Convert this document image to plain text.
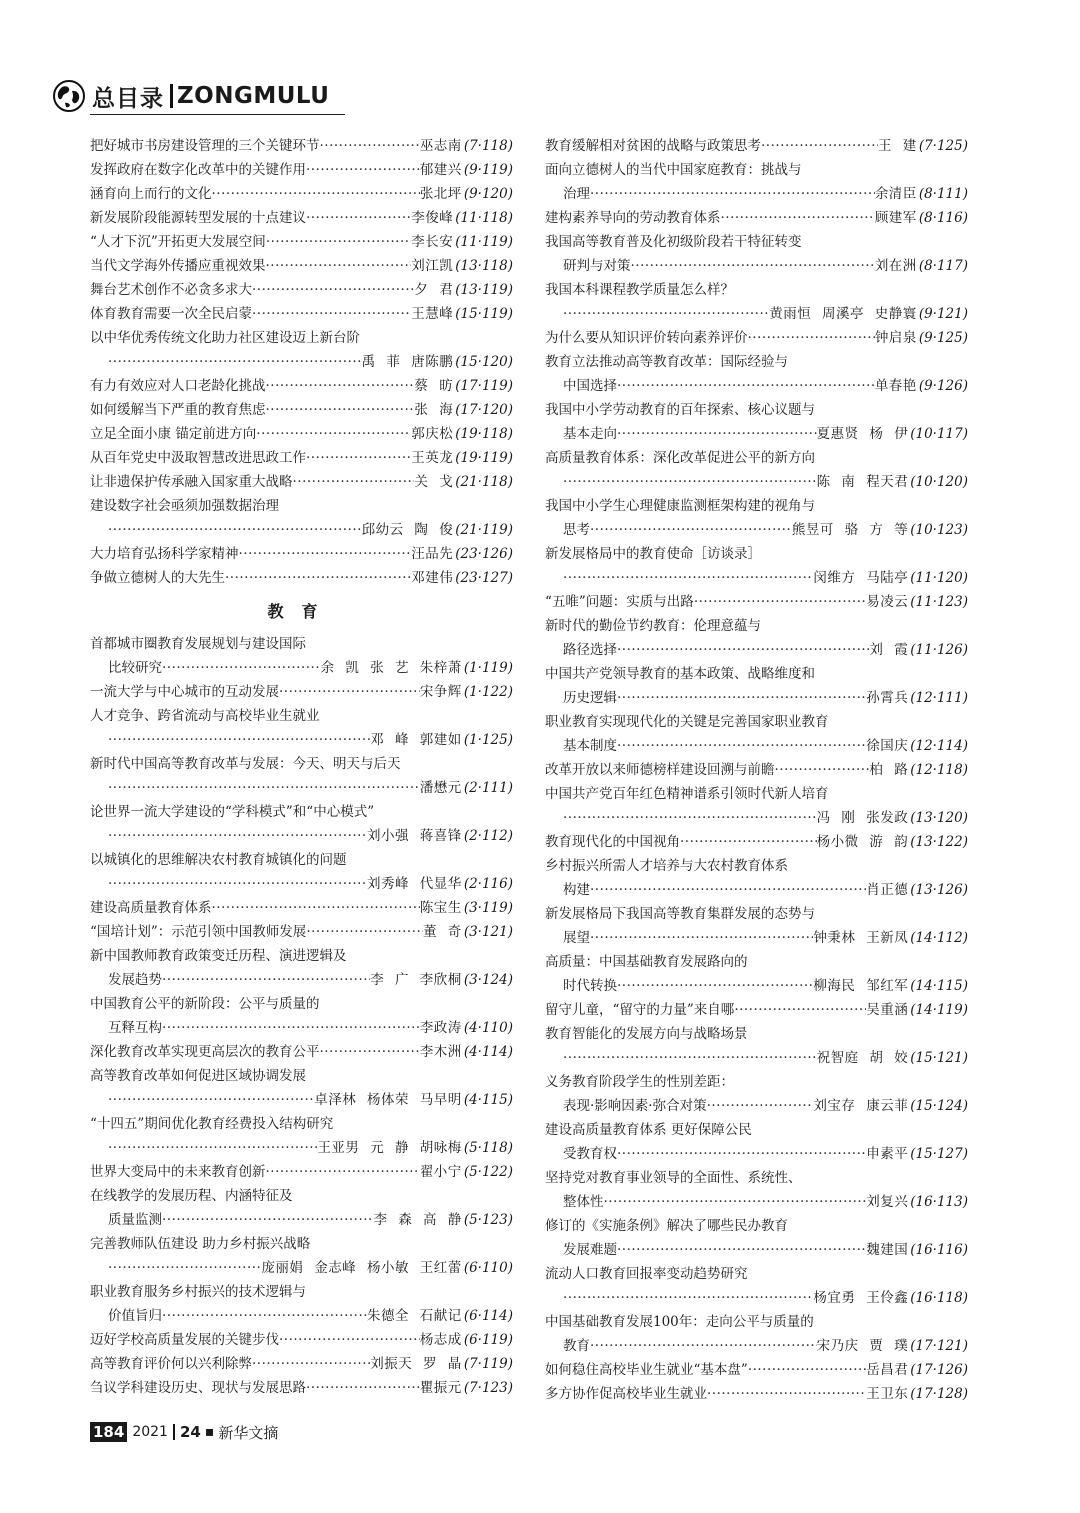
总目录 ZONGMULU
把好城市书房建设管理的三个关键环节 ·····	巫志南 (7·118)
发挥政府在数字化改革中的关键作用 ·····	郁建兴 (9·119)
涵育向上而行的文化 ·····	张北坪 (9·120)
新发展阶段能源转型发展的十点建议 ·····	李俊峰 (11·118)
“人才下沉”开拓更大发展空间 ·····	李长安 (11·119)
当代文学海外传播应重视效果 ·····	刘江凯 (13·118)
舞台艺术创作不必贪多求大 ·····	夕 君 (13·119)
体育教育需要一次全民启蒙 ·····	王慧峰 (15·119)
以中华优秀传统文化助力社区建设迈上新台阶
·····
禹 菲 唐陈鹏 (15·120)
有力有效应对人口老龄化挑战 ·····	蔡 昉 (17·119)
如何缓解当下严重的教育焦虑 ·····	张 海 (17·120)
立足全面小康 锚定前进方向 ·····	郭庆松 (19·118)
从百年党史中汲取智慧改进思政工作 ·····	王英龙 (19·119)
让非遗保护传承融入国家重大战略 ·····	关 戈 (21·118)
建设数字社会亟须加强数据治理
·····
邱幼云 陶 俊 (21·119)
大力培育弘扬科学家精神 ·····	汪品先 (23·126)
争做立德树人的大先生 ·····	邓建伟 (23·127)
教育
首都城市圈教育发展规划与建设国际
比较研究 ·····	余 凯 张 艺 朱梓萧 (1·119)
一流大学与中心城市的互动发展 ·····	宋争辉 (1·122)
人才竞争、跨省流动与高校毕业生就业
·····
邓 峰 郭建如 (1·125)
新时代中国高等教育改革与发展：今天、明天与后天
·····
潘懋元 (2·111)
论世界一流大学建设的“学科模式”和“中心模式”
·····
刘小强 蒋喜锋 (2·112)
以城镇化的思维解决农村教育城镇化的问题
·····
刘秀峰 代显华 (2·116)
建设高质量教育体系 ·····	陈宝生 (3·119)
“国培计划”：示范引领中国教师发展 ·····	董 奇 (3·121)
新中国教师教育政策变迁历程、演进逻辑及
发展趋势 ·····	李 广 李欣桐 (3·124)
中国教育公平的新阶段：公平与质量的
互释互构 ·····	李政涛 (4·110)
深化教育改革实现更高层次的教育公平 ·····	李木洲 (4·114)
高等教育改革如何促进区域协调发展
·····
卓泽林 杨体荣 马早明 (4·115)
“十四五”期间优化教育经费投入结构研究
·····
王亚男 元 静 胡咏梅 (5·118)
世界大变局中的未来教育创新 ·····	翟小宁 (5·122)
在线教学的发展历程、内涵特征及
质量监测 ·····	李 森 高 静 (5·123)
完善教师队伍建设 助力乡村振兴战略
·····
庞丽娟 金志峰 杨小敏 王红蕾 (6·110)
职业教育服务乡村振兴的技术逻辑与
价值旨归 ·····	朱德全 石献记 (6·114)
迈好学校高质量发展的关键步伐 ·····	杨志成 (6·119)
高等教育评价何以兴利除弊 ·····	刘振天 罗 晶 (7·119)
刍议学科建设历史、现状与发展思路 ·····	瞿振元 (7·123)
教育缓解相对贫困的战略与政策思考 ·····	王 建 (7·125)
面向立德树人的当代中国家庭教育：挑战与
治理 ·····	余清臣 (8·111)
建构素养导向的劳动教育体系 ·····	顾建军 (8·116)
我国高等教育普及化初级阶段若干特征转变
研判与对策 ·····	刘在洲 (8·117)
我国本科课程教学质量怎么样？
·····
黄雨恒 周溪亭 史静寰 (9·121)
为什么要从知识评价转向素养评价 ·····	钟启泉 (9·125)
教育立法推动高等教育改革：国际经验与
中国选择 ·····	单春艳 (9·126)
我国中小学劳动教育的百年探索、核心议题与
基本走向 ·····	夏惠贤 杨 伊 (10·117)
高质量教育体系：深化改革促进公平的新方向
·····
陈 南 程天君 (10·120)
我国中小学生心理健康监测框架构建的视角与
思考 ·····	熊昱可 骆 方 等 (10·123)
新发展格局中的教育使命［访谈录］
·····
闵维方 马陆亭 (11·120)
“五唯”问题：实质与出路 ·····	易凌云 (11·123)
新时代的勤俭节约教育：伦理意蕴与
路径选择 ·····	刘 霞 (11·126)
中国共产党领导教育的基本政策、战略维度和
历史逻辑 ·····	孙霄兵 (12·111)
职业教育实现现代化的关键是完善国家职业教育
基本制度 ·····	徐国庆 (12·114)
改革开放以来师德榜样建设回溯与前瞻 ·····	柏 路 (12·118)
中国共产党百年红色精神谱系引领时代新人培育
·····
冯 刚 张发政 (13·120)
教育现代化的中国视角 ·····	杨小微 游 韵 (13·122)
乡村振兴所需人才培养与大农村教育体系
构建 ·····	肖正德 (13·126)
新发展格局下我国高等教育集群发展的态势与
展望 ·····	钟秉林 王新凤 (14·112)
高质量：中国基础教育发展路向的
时代转换 ·····	柳海民 邹红军 (14·115)
留守儿童，“留守的力量”来自哪 ·····	吴重涵 (14·119)
教育智能化的发展方向与战略场景
·····
祝智庭 胡 姣 (15·121)
义务教育阶段学生的性别差距：
表现·影响因素·弥合对策 ·····	刘宝存 康云菲 (15·124)
建设高质量教育体系 更好保障公民
受教育权 ·····	申素平 (15·127)
坚持党对教育事业领导的全面性、系统性、
整体性 ·····	刘复兴 (16·113)
修订的《实施条例》解决了哪些民办教育
发展难题 ·····	魏建国 (16·116)
流动人口教育回报率变动趋势研究
·····
杨宜勇 王伶鑫 (16·118)
中国基础教育发展100年：走向公平与质量的
教育 ·····	宋乃庆 贾 璞 (17·121)
如何稳住高校毕业生就业“基本盘” ·····	岳昌君 (17·126)
多方协作促高校毕业生就业 ·····	王卫东 (17·128)
184 2021 24 ▪ 新华文摘
